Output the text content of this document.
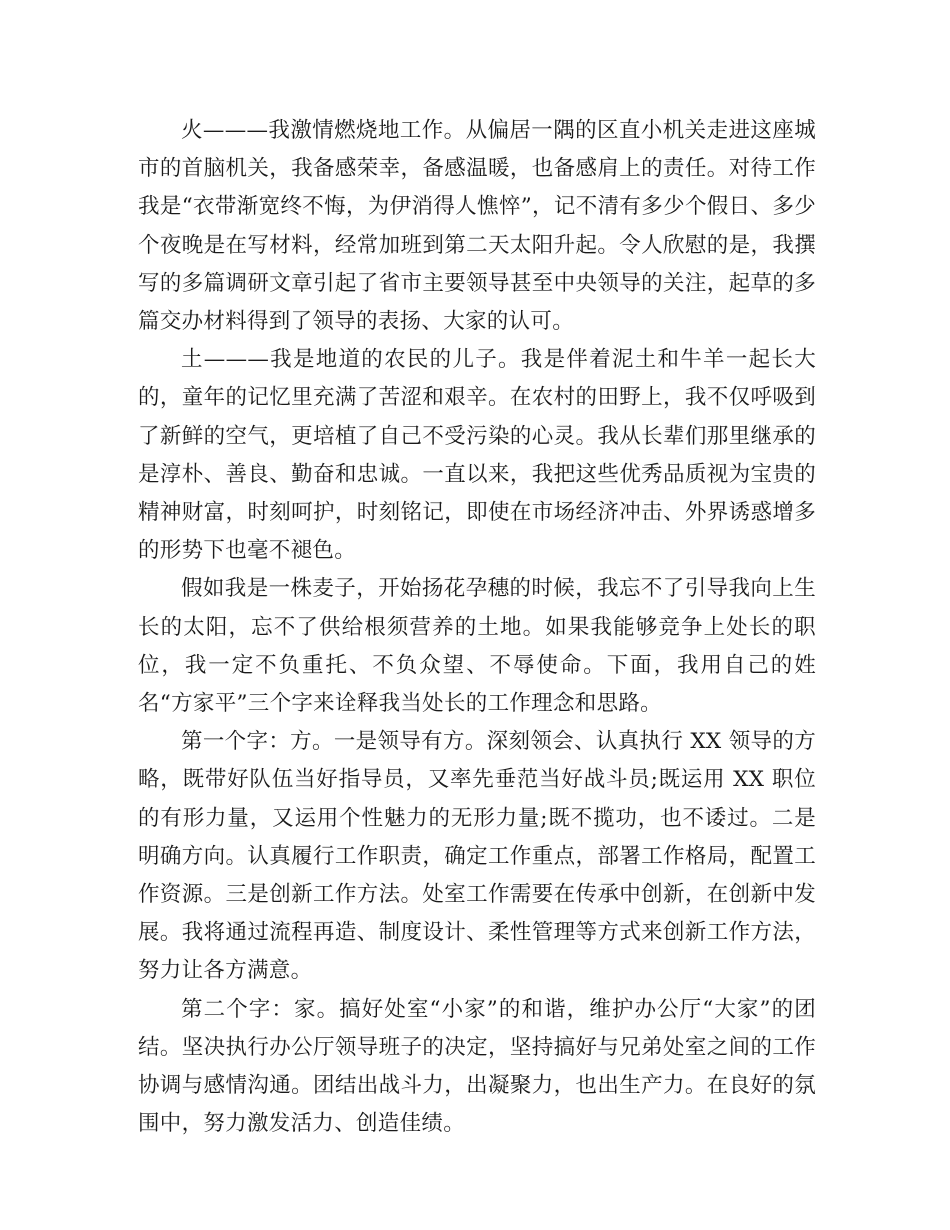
火———我激情燃烧地工作。从偏居一隅的区直小机关走进这座城市的首脑机关，我备感荣幸，备感温暖，也备感肩上的责任。对待工作我是“衣带渐宽终不悔，为伊消得人憔悴”，记不清有多少个假日、多少个夜晚是在写材料，经常加班到第二天太阳升起。令人欣慰的是，我撰写的多篇调研文章引起了省市主要领导甚至中央领导的关注，起草的多篇交办材料得到了领导的表扬、大家的认可。

土———我是地道的农民的儿子。我是伴着泥土和牛羊一起长大的，童年的记忆里充满了苦涩和艰辛。在农村的田野上，我不仅呼吸到了新鲜的空气，更培植了自己不受污染的心灵。我从长辈们那里继承的是淳朴、善良、勤奋和忠诚。一直以来，我把这些优秀品质视为宝贵的精神财富，时刻呵护，时刻铭记，即使在市场经济冲击、外界诱惑增多的形势下也毫不褪色。

假如我是一株麦子，开始扬花孕穗的时候，我忘不了引导我向上生长的太阳，忘不了供给根须营养的土地。如果我能够竞争上处长的职位，我一定不负重托、不负众望、不辱使命。下面，我用自己的姓名“方家平”三个字来诠释我当处长的工作理念和思路。

第一个字：方。一是领导有方。深刻领会、认真执行 XX 领导的方略，既带好队伍当好指导员，又率先垂范当好战斗员;既运用 XX 职位的有形力量，又运用个性魅力的无形力量;既不揽功，也不诿过。二是明确方向。认真履行工作职责，确定工作重点，部署工作格局，配置工作资源。三是创新工作方法。处室工作需要在传承中创新，在创新中发展。我将通过流程再造、制度设计、柔性管理等方式来创新工作方法，努力让各方满意。

第二个字：家。搞好处室“小家”的和谐，维护办公厅“大家”的团结。坚决执行办公厅领导班子的决定，坚持搞好与兄弟处室之间的工作协调与感情沟通。团结出战斗力，出凝聚力，也出生产力。在良好的氛围中，努力激发活力、创造佳绩。
